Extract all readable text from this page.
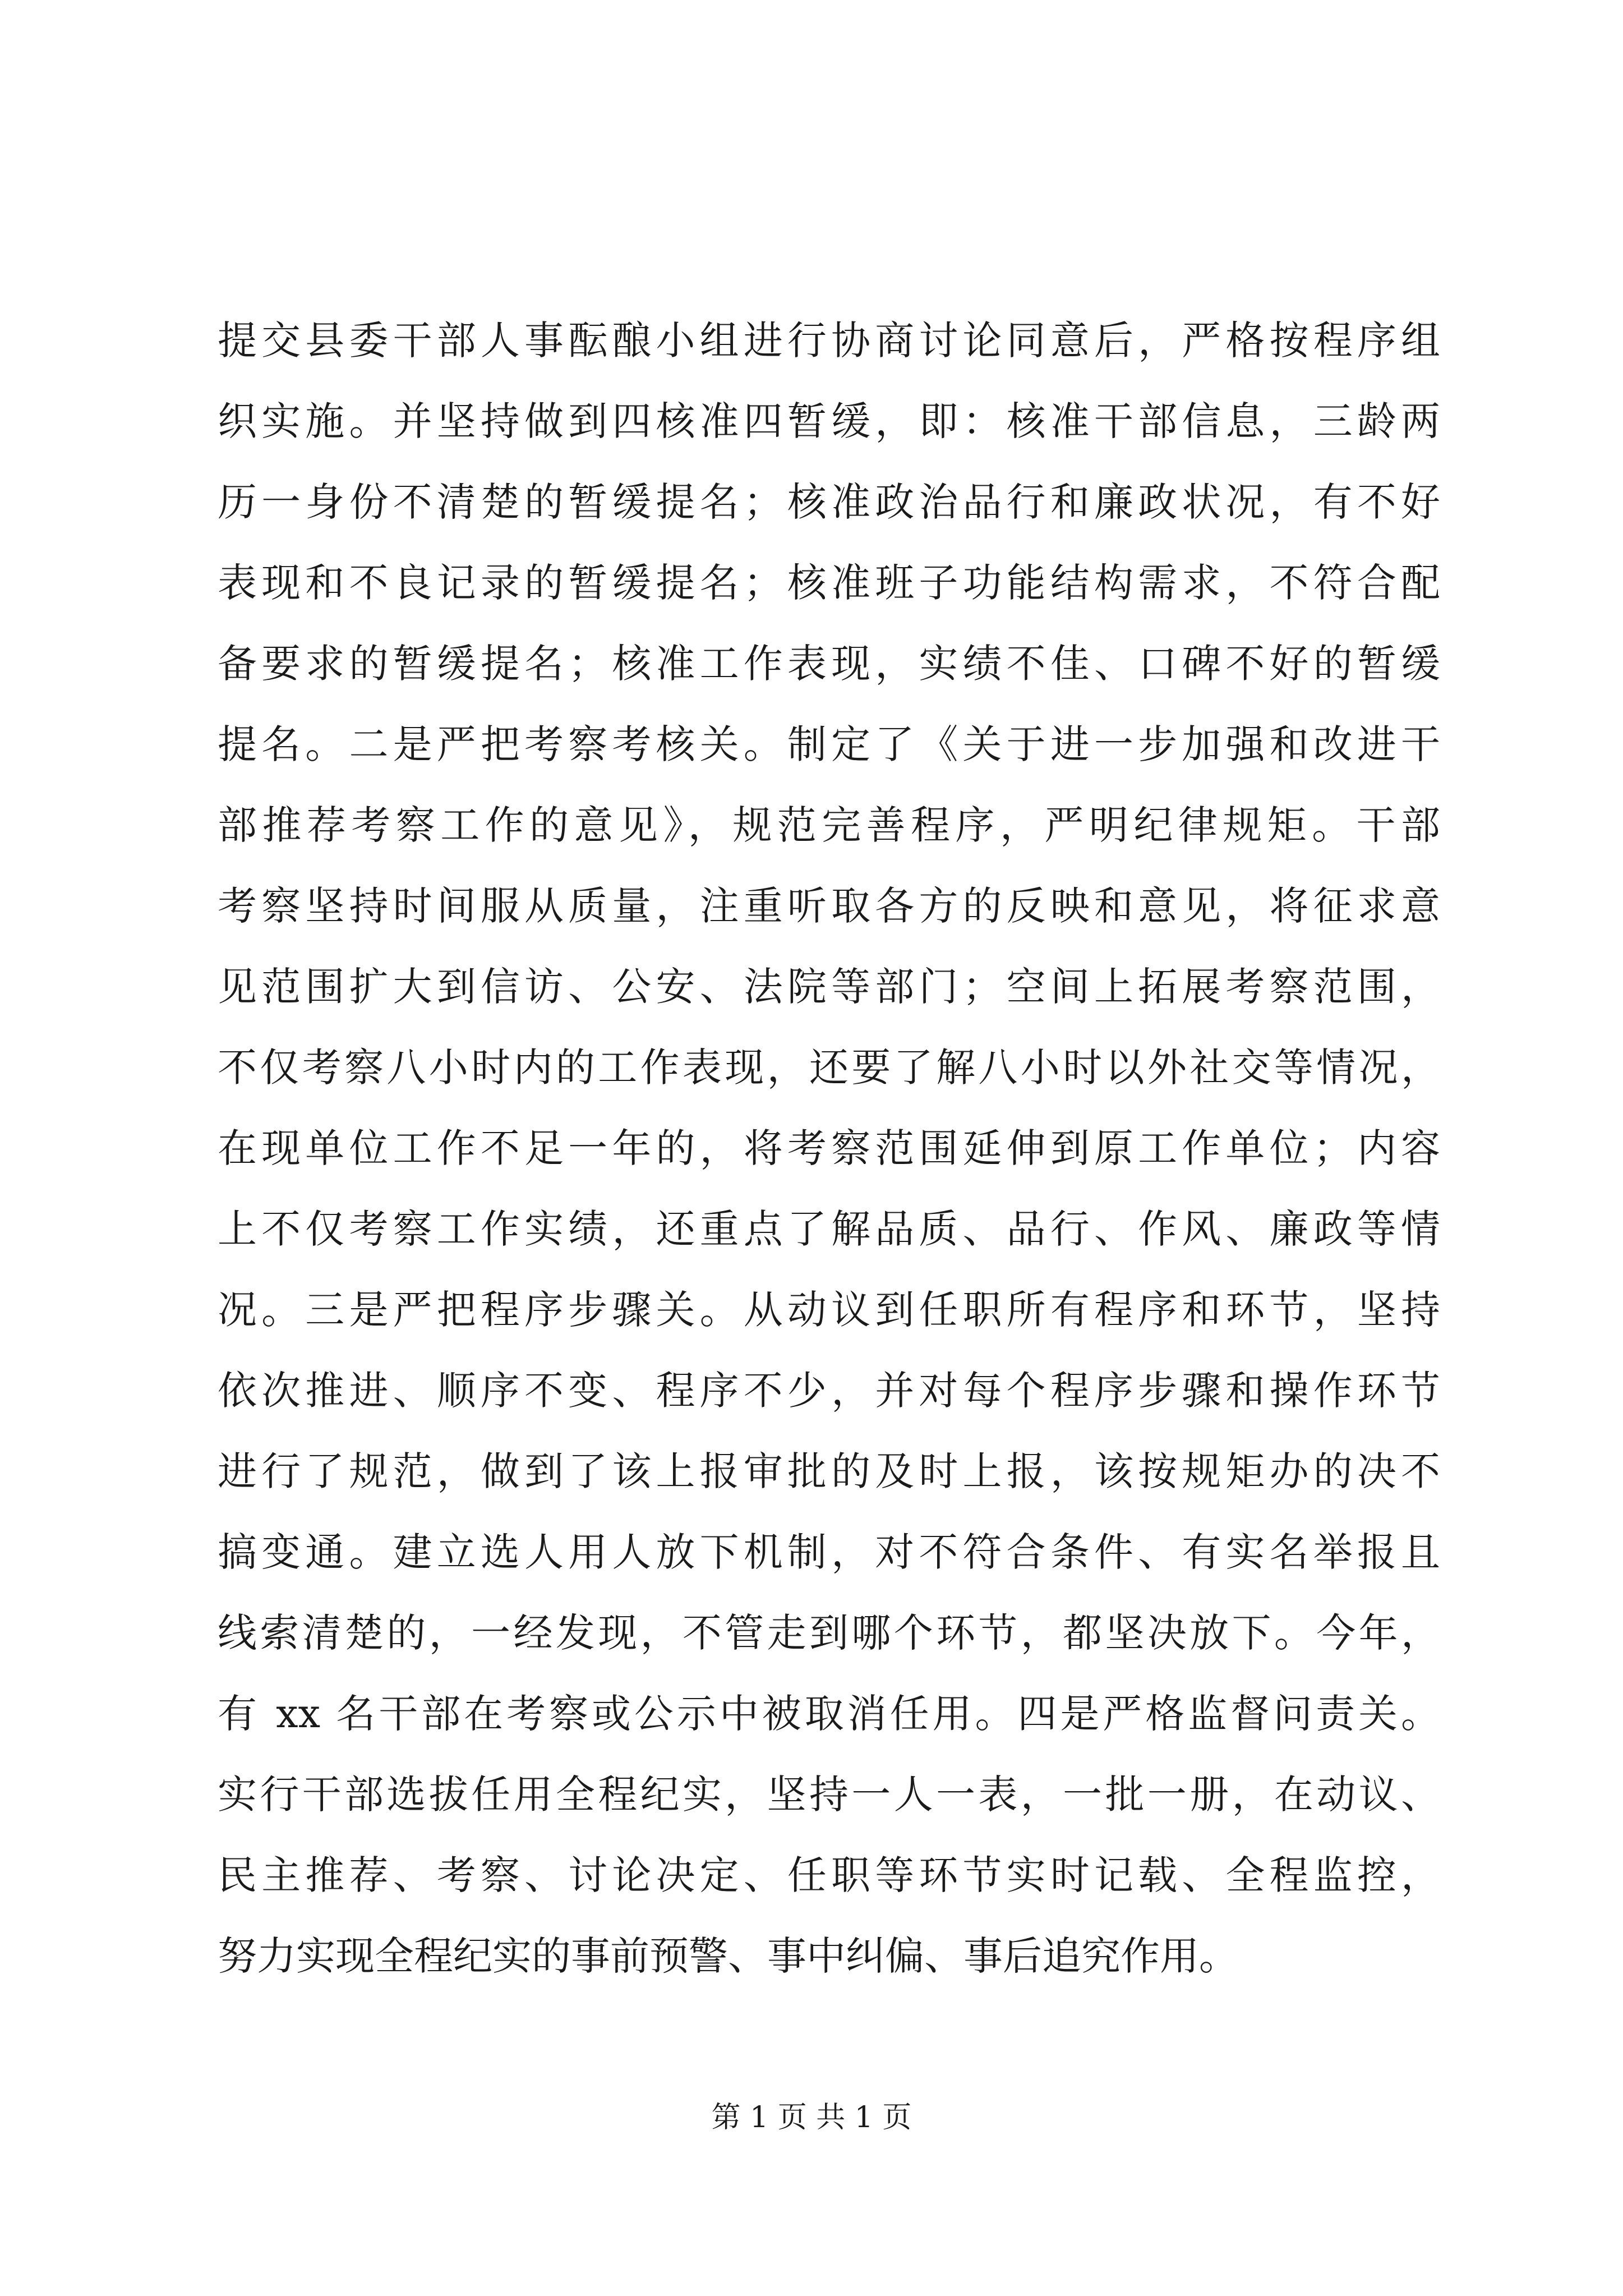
提交县委干部人事酝酿小组进行协商讨论同意后，严格按程序组
织实施。并坚持做到四核准四暂缓，即：核准干部信息，三龄两
历一身份不清楚的暂缓提名；核准政治品行和廉政状况，有不好
表现和不良记录的暂缓提名；核准班子功能结构需求，不符合配
备要求的暂缓提名；核准工作表现，实绩不佳、口碑不好的暂缓
提名。二是严把考察考核关。制定了《关于进一步加强和改进干
部推荐考察工作的意见》，规范完善程序，严明纪律规矩。干部
考察坚持时间服从质量，注重听取各方的反映和意见，将征求意
见范围扩大到信访、公安、法院等部门；空间上拓展考察范围，
不仅考察八小时内的工作表现，还要了解八小时以外社交等情况，
在现单位工作不足一年的，将考察范围延伸到原工作单位；内容
上不仅考察工作实绩，还重点了解品质、品行、作风、廉政等情
况。三是严把程序步骤关。从动议到任职所有程序和环节，坚持
依次推进、顺序不变、程序不少，并对每个程序步骤和操作环节
进行了规范，做到了该上报审批的及时上报，该按规矩办的决不
搞变通。建立选人用人放下机制，对不符合条件、有实名举报且
线索清楚的，一经发现，不管走到哪个环节，都坚决放下。今年，
有 xx 名干部在考察或公示中被取消任用。四是严格监督问责关。
实行干部选拔任用全程纪实，坚持一人一表，一批一册，在动议、
民主推荐、考察、讨论决定、任职等环节实时记载、全程监控，
努力实现全程纪实的事前预警、事中纠偏、事后追究作用。
第 1 页 共 1 页
